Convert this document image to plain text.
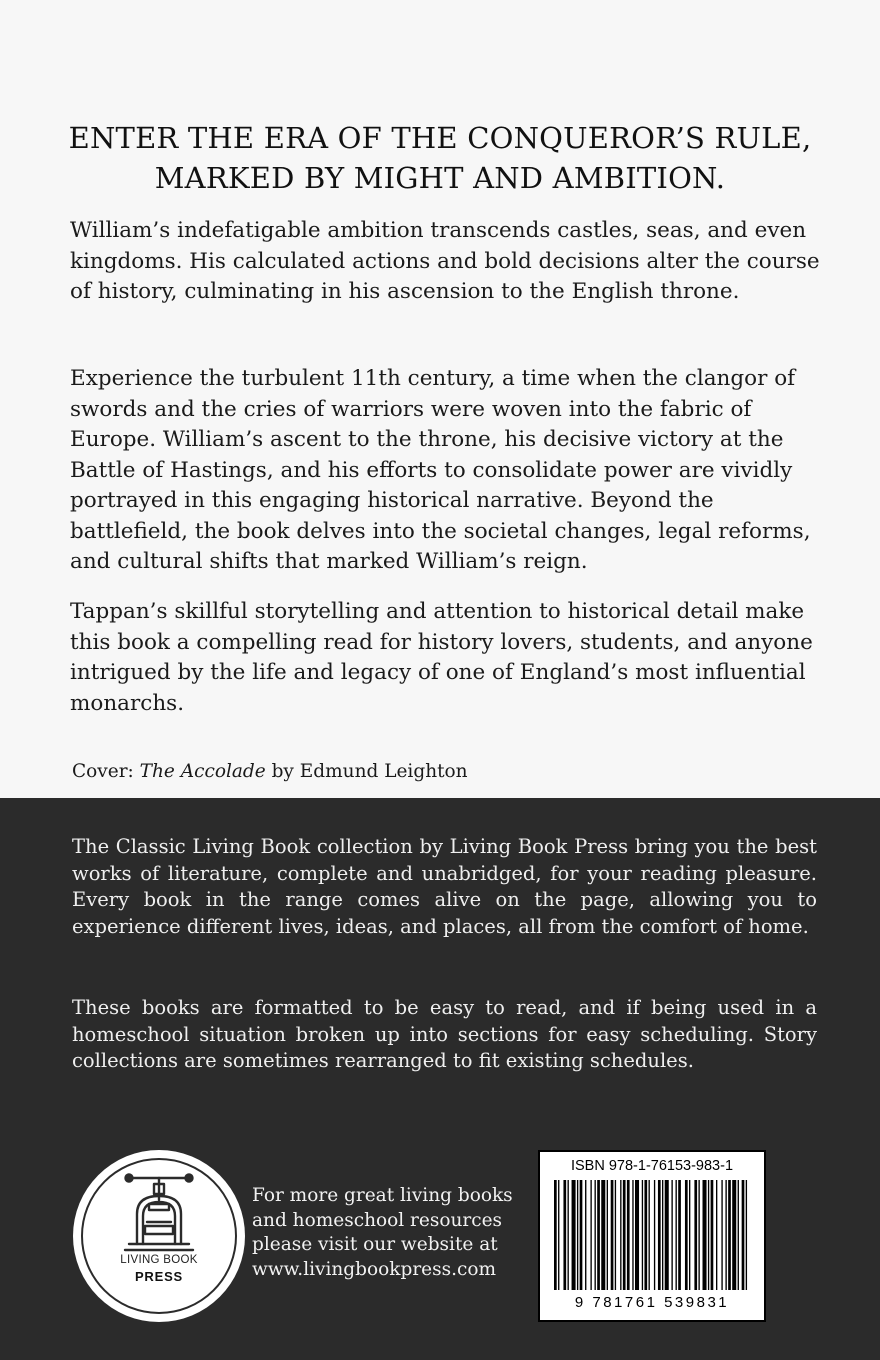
ENTER THE ERA OF THE CONQUEROR’S RULE,
MARKED BY MIGHT AND AMBITION.

William’s indefatigable ambition transcends castles, seas, and even kingdoms. His calculated actions and bold decisions alter the course of history, culminating in his ascension to the English throne.

Experience the turbulent 11th century, a time when the clangor of swords and the cries of warriors were woven into the fabric of Europe. William’s ascent to the throne, his decisive victory at the Battle of Hastings, and his efforts to consolidate power are vividly portrayed in this engaging historical narrative. Beyond the battlefield, the book delves into the societal changes, legal reforms, and cultural shifts that marked William’s reign.

Tappan’s skillful storytelling and attention to historical detail make this book a compelling read for history lovers, students, and anyone intrigued by the life and legacy of one of England’s most influential monarchs.

Cover: The Accolade by Edmund Leighton

The Classic Living Book collection by Living Book Press bring you the best works of literature, complete and unabridged, for your reading pleasure. Every book in the range comes alive on the page, allowing you to experience different lives, ideas, and places, all from the comfort of home.

These books are formatted to be easy to read, and if being used in a homeschool situation broken up into sections for easy scheduling. Story collections are sometimes rearranged to fit existing schedules.

LIVING BOOK
PRESS
For more great living books
and homeschool resources
please visit our website at
www.livingbookpress.com
ISBN 978-1-76153-983-1
9 781761 539831
